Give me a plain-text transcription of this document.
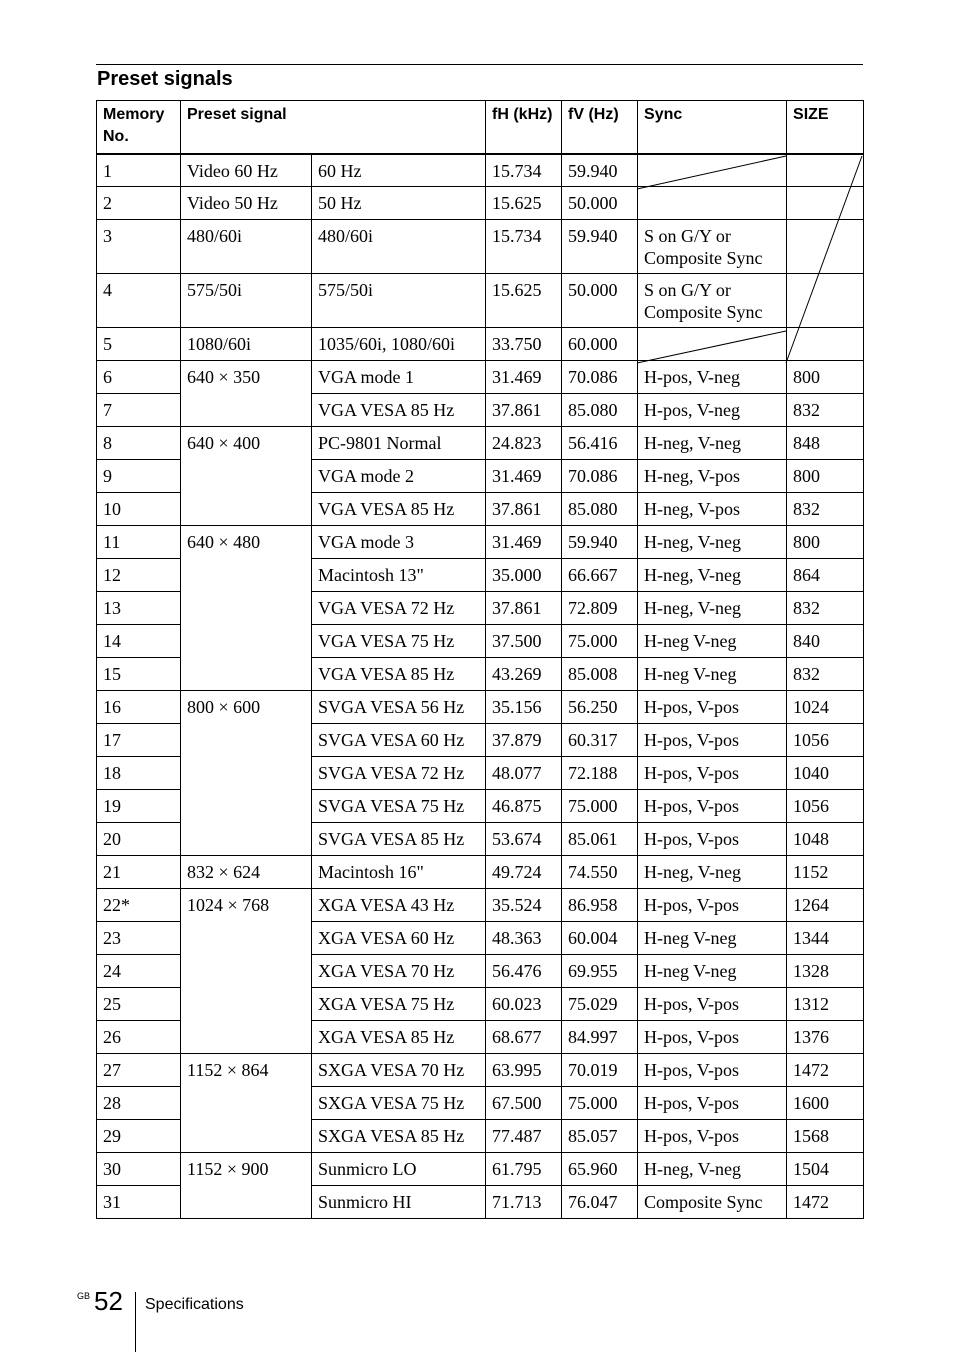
Preset signals
Memory No.	Preset signal		fH (kHz)	fV (Hz)	Sync	SIZE
1	Video 60 Hz	60 Hz	15.734	59.940		
2	Video 50 Hz	50 Hz	15.625	50.000		
3	480/60i	480/60i	15.734	59.940	S on G/Y or Composite Sync	
4	575/50i	575/50i	15.625	50.000	S on G/Y or Composite Sync	
5	1080/60i	1035/60i, 1080/60i	33.750	60.000		
6	640 × 350	VGA mode 1	31.469	70.086	H-pos, V-neg	800
7		VGA VESA 85 Hz	37.861	85.080	H-pos, V-neg	832
8	640 × 400	PC-9801 Normal	24.823	56.416	H-neg, V-neg	848
9		VGA mode 2	31.469	70.086	H-neg, V-pos	800
10		VGA VESA 85 Hz	37.861	85.080	H-neg, V-pos	832
11	640 × 480	VGA mode 3	31.469	59.940	H-neg, V-neg	800
12		Macintosh 13"	35.000	66.667	H-neg, V-neg	864
13		VGA VESA 72 Hz	37.861	72.809	H-neg, V-neg	832
14		VGA VESA 75 Hz	37.500	75.000	H-neg V-neg	840
15		VGA VESA 85 Hz	43.269	85.008	H-neg V-neg	832
16	800 × 600	SVGA VESA 56 Hz	35.156	56.250	H-pos, V-pos	1024
17		SVGA VESA 60 Hz	37.879	60.317	H-pos, V-pos	1056
18		SVGA VESA 72 Hz	48.077	72.188	H-pos, V-pos	1040
19		SVGA VESA 75 Hz	46.875	75.000	H-pos, V-pos	1056
20		SVGA VESA 85 Hz	53.674	85.061	H-pos, V-pos	1048
21	832 × 624	Macintosh 16"	49.724	74.550	H-neg, V-neg	1152
22*	1024 × 768	XGA VESA 43 Hz	35.524	86.958	H-pos, V-pos	1264
23		XGA VESA 60 Hz	48.363	60.004	H-neg V-neg	1344
24		XGA VESA 70 Hz	56.476	69.955	H-neg V-neg	1328
25		XGA VESA 75 Hz	60.023	75.029	H-pos, V-pos	1312
26		XGA VESA 85 Hz	68.677	84.997	H-pos, V-pos	1376
27	1152 × 864	SXGA VESA 70 Hz	63.995	70.019	H-pos, V-pos	1472
28		SXGA VESA 75 Hz	67.500	75.000	H-pos, V-pos	1600
29		SXGA VESA 85 Hz	77.487	85.057	H-pos, V-pos	1568
30	1152 × 900	Sunmicro LO	61.795	65.960	H-neg, V-neg	1504
31		Sunmicro HI	71.713	76.047	Composite Sync	1472
GB 52 Specifications
